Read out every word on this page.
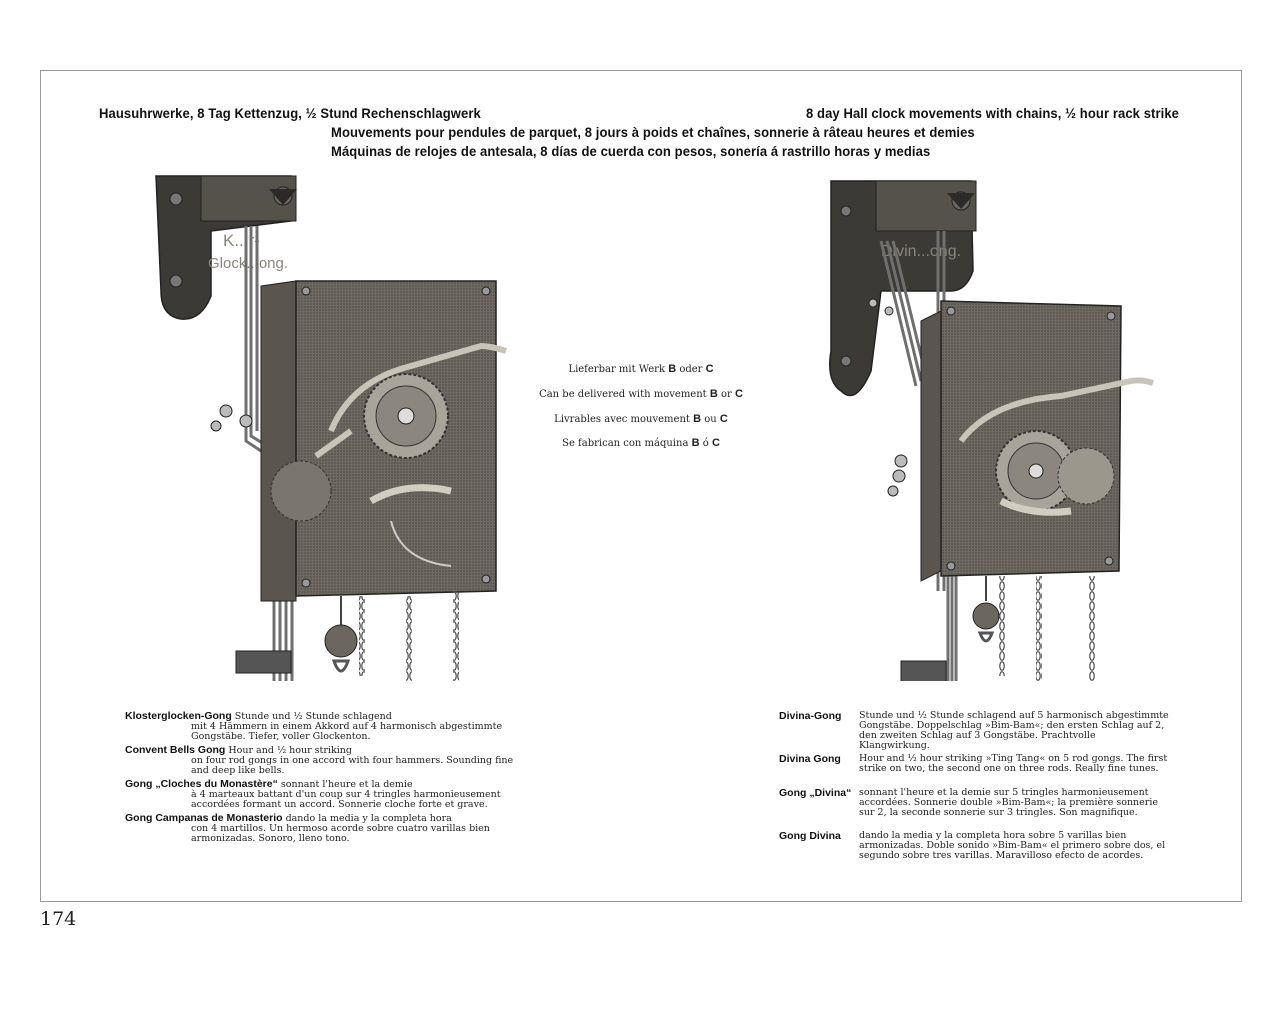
Hausuhrwerke, 8 Tag Kettenzug, ½ Stund Rechenschlagwerk	8 day Hall clock movements with chains, ½ hour rack strike
Mouvements pour pendules de parquet, 8 jours à poids et chaînes, sonnerie à râteau heures et demies
Máquinas de relojes de antesala, 8 días de cuerda con pesos, sonería á rastrillo horas y medias
K...r-
Glock...ong.
Divin...ong.
Lieferbar mit Werk B oder C
Can be delivered with movement B or C
Livrables avec mouvement B ou C
Se fabrican con máquina B ó C
Klosterglocken-Gong Stunde und ½ Stunde schlagend
mit 4 Hämmern in einem Akkord auf 4 harmonisch abgestimmte Gongstäbe. Tiefer, voller Glockenton.
Convent Bells Gong Hour and ½ hour striking
on four rod gongs in one accord with four hammers. Sounding fine and deep like bells.
Gong „Cloches du Monastère“ sonnant l'heure et la demie
à 4 marteaux battant d'un coup sur 4 tringles harmonieusement accordées formant un accord. Sonnerie cloche forte et grave.
Gong Campanas de Monasterio dando la media y la completa hora
con 4 martillos. Un hermoso acorde sobre cuatro varillas bien armonizadas. Sonoro, lleno tono.
Divina-Gong	Stunde und ½ Stunde schlagend auf 5 harmonisch abgestimmte Gongstäbe. Doppelschlag »Bim-Bam«; den ersten Schlag auf 2, den zweiten Schlag auf 3 Gongstäbe. Prachtvolle Klangwirkung.
Divina Gong	Hour and ½ hour striking »Ting Tang« on 5 rod gongs. The first strike on two, the second one on three rods. Really fine tunes.
Gong „Divina“ sonnant l'heure et la demie sur 5 tringles harmonieusement accordées. Sonnerie double »Bim-Bam«; la première sonnerie sur 2, la seconde sonnerie sur 3 tringles. Son magnifique.
Gong Divina	dando la media y la completa hora sobre 5 varillas bien armonizadas. Doble sonido »Bim-Bam« el primero sobre dos, el segundo sobre tres varillas. Maravilloso efecto de acordes.
174
